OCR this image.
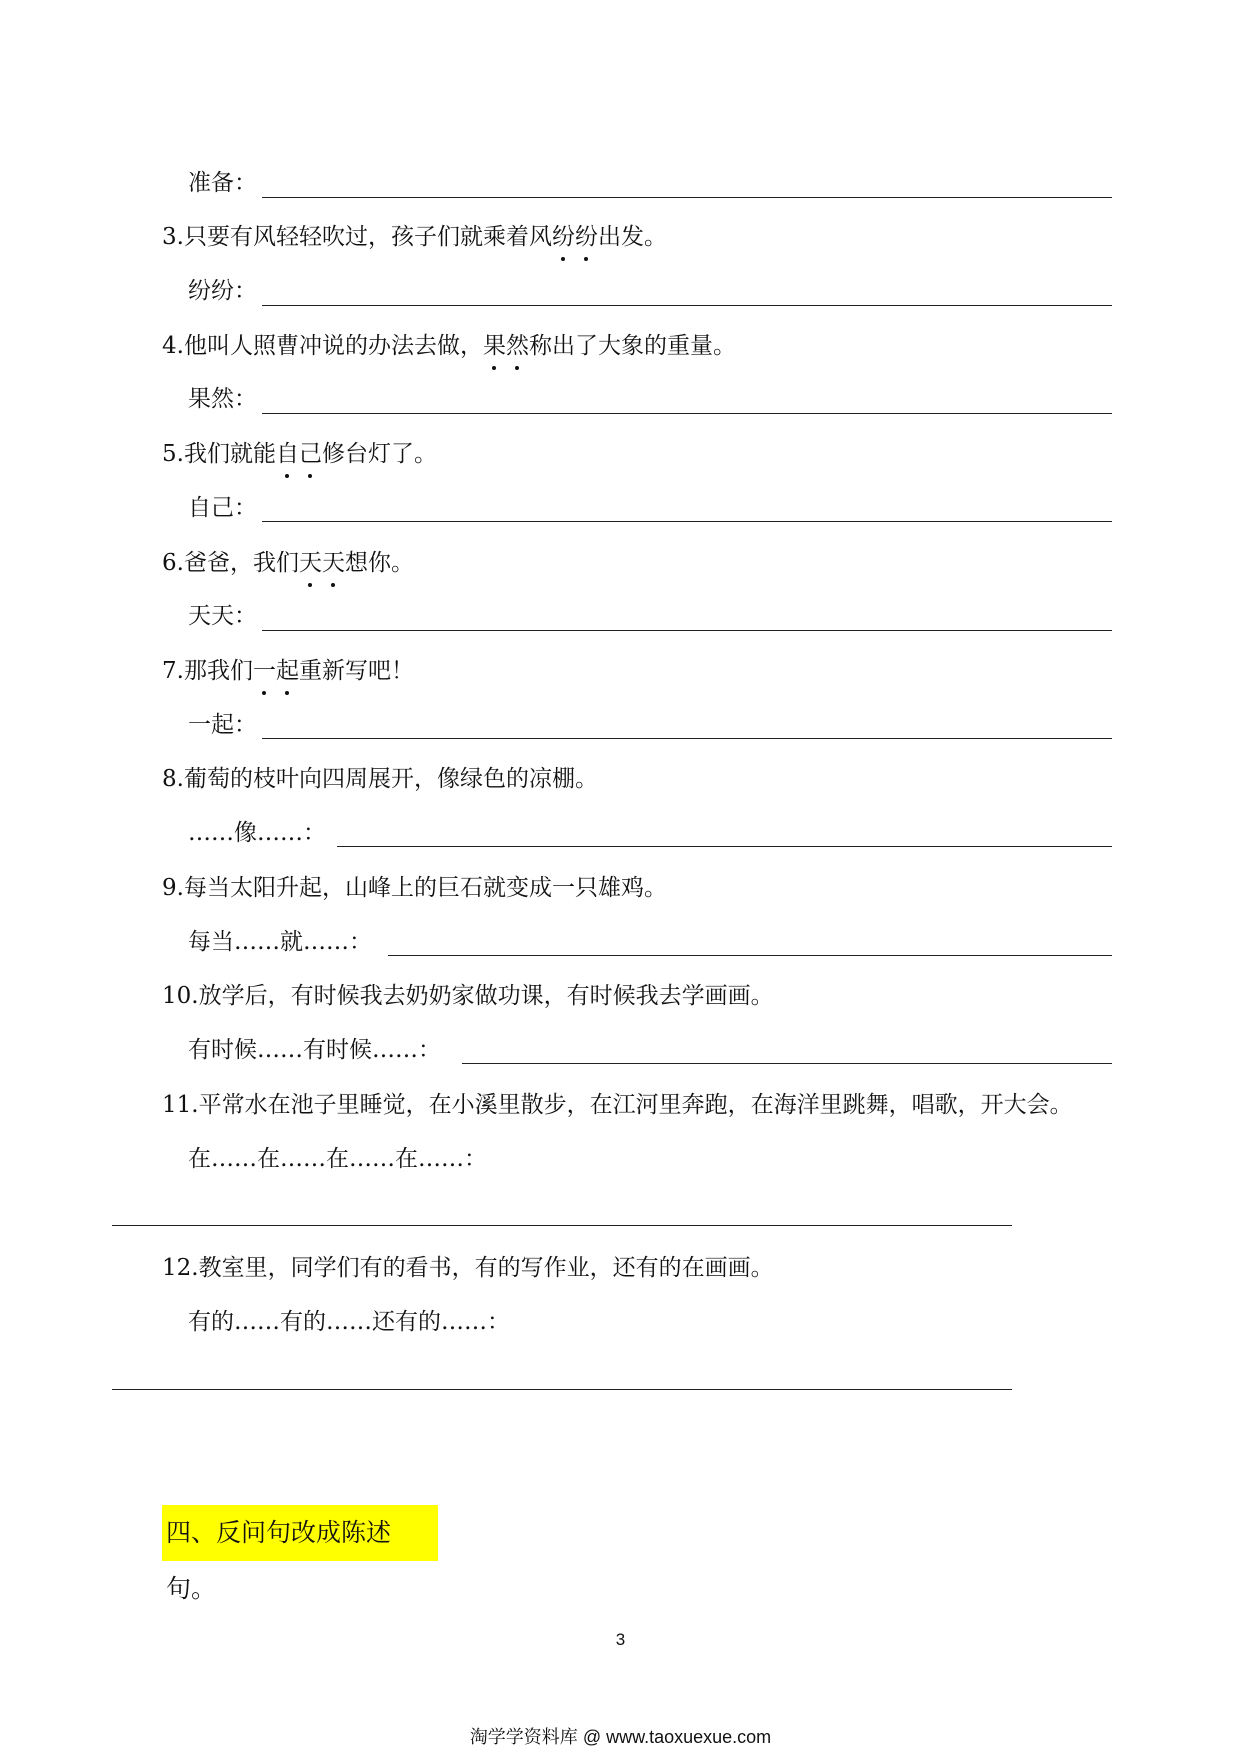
准备：
3.只要有风轻轻吹过，孩子们就乘着风纷纷出发。
纷纷：
4.他叫人照曹冲说的办法去做，果然称出了大象的重量。
果然：
5.我们就能自己修台灯了。
自己：
6.爸爸，我们天天想你。
天天：
7.那我们一起重新写吧！
一起：
8.葡萄的枝叶向四周展开，像绿色的凉棚。
……像……：
9.每当太阳升起，山峰上的巨石就变成一只雄鸡。
每当……就……：
10.放学后，有时候我去奶奶家做功课，有时候我去学画画。
有时候……有时候……：
11.平常水在池子里睡觉，在小溪里散步，在江河里奔跑，在海洋里跳舞，唱歌，开大会。
在……在……在……在……：
12.教室里，同学们有的看书，有的写作业，还有的在画画。
有的……有的……还有的……：
四、反问句改成陈述句。
3
淘学学资料库 @ www.taoxuexue.com
